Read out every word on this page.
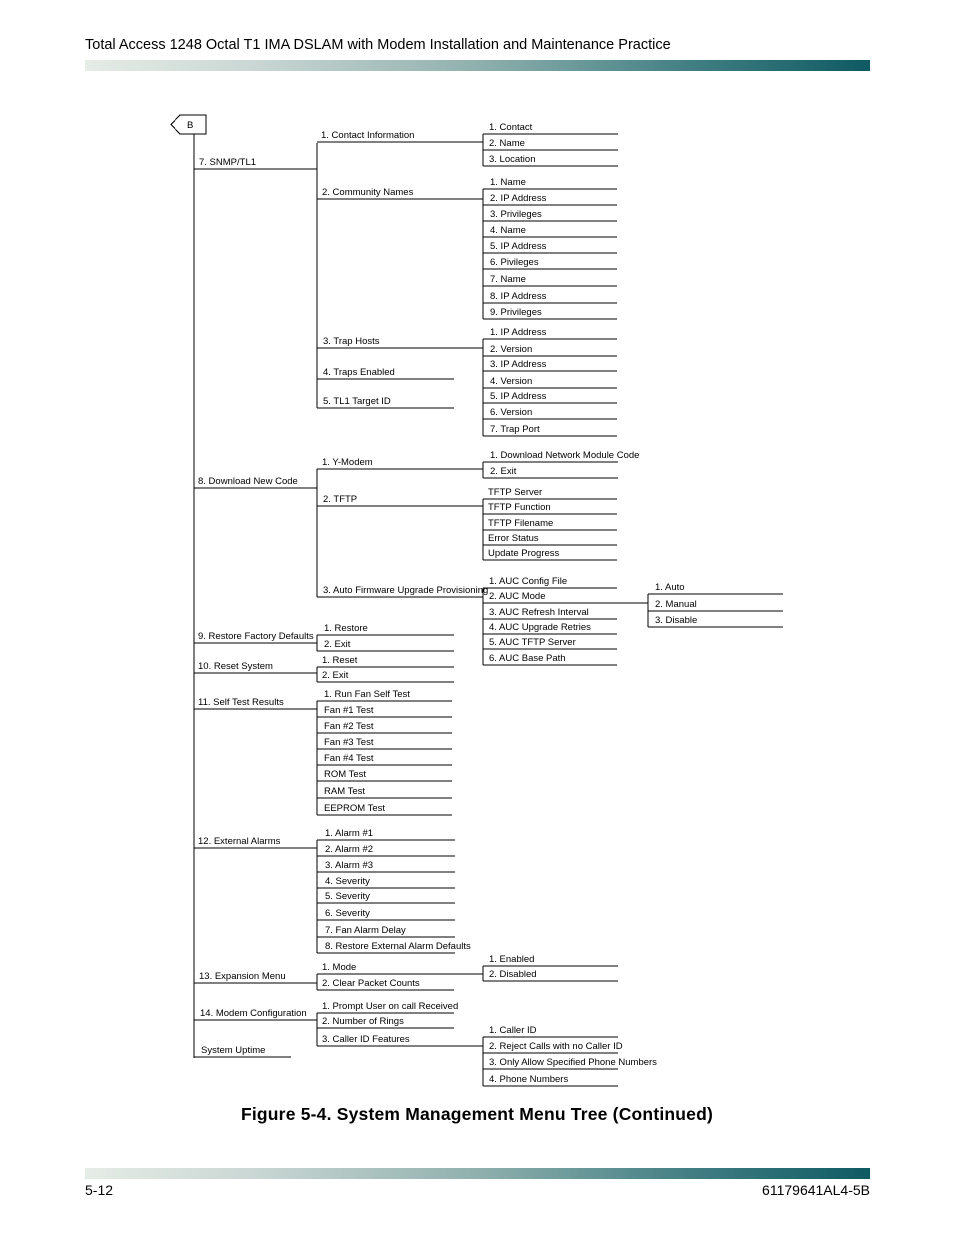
Total Access 1248 Octal T1 IMA DSLAM with Modem Installation and Maintenance Practice
B
7. SNMP/TL1
1. Contact Information
2. Community Names
3. Trap Hosts
4. Traps Enabled
5. TL1 Target ID
1. Contact
2. Name
3. Location
1. Name
2. IP Address
3. Privileges
4. Name
5. IP Address
6. Pivileges
7. Name
8. IP Address
9. Privileges
1. IP Address
2. Version
3. IP Address
4. Version
5. IP Address
6. Version
7. Trap Port
8. Download New Code
1. Y-Modem
2. TFTP
3. Auto Firmware Upgrade Provisioning
1. Download Network Module Code
2. Exit
TFTP Server
TFTP Function
TFTP Filename
Error Status
Update Progress
1. AUC Config File
2. AUC Mode
3. AUC Refresh Interval
4. AUC Upgrade Retries
5. AUC TFTP Server
6. AUC Base Path
1. Auto
2. Manual
3. Disable
9. Restore Factory Defaults
1. Restore
2. Exit
10. Reset System
1. Reset
2. Exit
11. Self Test Results
1. Run Fan Self Test
Fan #1 Test
Fan #2 Test
Fan #3 Test
Fan #4 Test
ROM Test
RAM Test
EEPROM Test
12. External Alarms
1. Alarm #1
2. Alarm #2
3. Alarm #3
4. Severity
5. Severity
6. Severity
7. Fan Alarm Delay
8. Restore External Alarm Defaults
13. Expansion Menu
1. Mode
2. Clear Packet Counts
1. Enabled
2. Disabled
14. Modem Configuration
1. Prompt User on call Received
2. Number of Rings
3. Caller ID Features
1. Caller ID
2. Reject Calls with no Caller ID
3. Only Allow Specified Phone Numbers
4. Phone Numbers
System Uptime
Figure 5-4. System Management Menu Tree (Continued)
5-12	61179641AL4-5B
